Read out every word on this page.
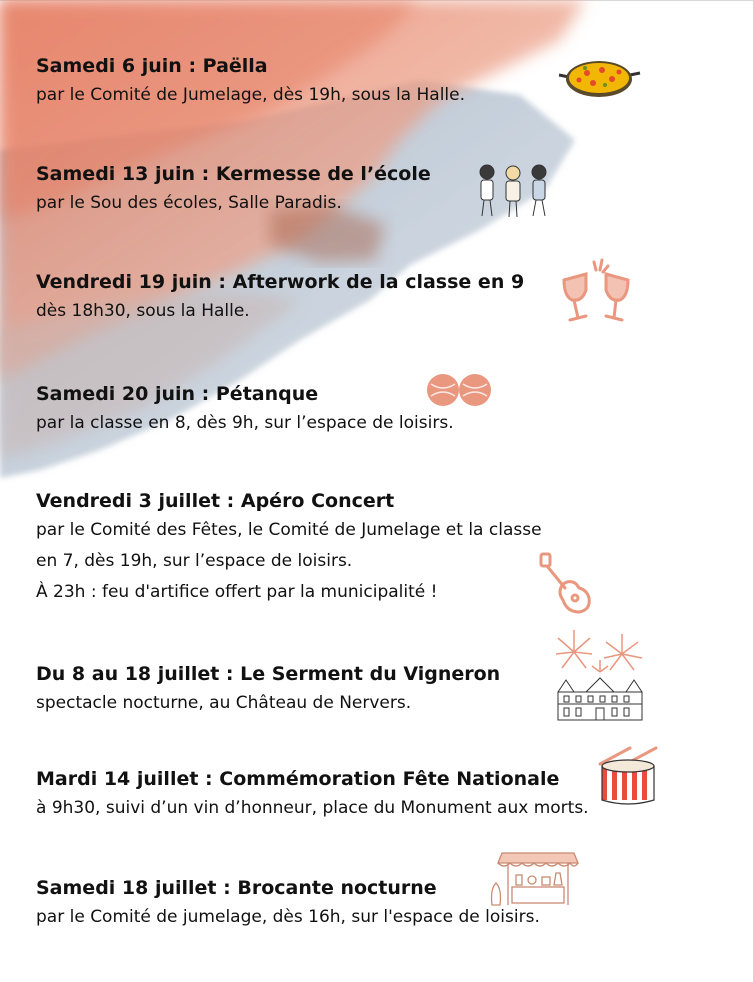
Samedi 6 juin : Paëlla
par le Comité de Jumelage, dès 19h, sous la Halle.
Samedi 13 juin : Kermesse de l’école
par le Sou des écoles, Salle Paradis.
Vendredi 19 juin : Afterwork de la classe en 9
dès 18h30, sous la Halle.
Samedi 20 juin : Pétanque
par la classe en 8, dès 9h, sur l’espace de loisirs.
Vendredi 3 juillet : Apéro Concert
par le Comité des Fêtes, le Comité de Jumelage et la classe
en 7, dès 19h, sur l’espace de loisirs.
À 23h : feu d'artifice offert par la municipalité !
Du 8 au 18 juillet : Le Serment du Vigneron
spectacle nocturne, au Château de Nervers.
Mardi 14 juillet : Commémoration Fête Nationale
à 9h30, suivi d’un vin d’honneur, place du Monument aux morts.
Samedi 18 juillet : Brocante nocturne
par le Comité de jumelage, dès 16h, sur l'espace de loisirs.
